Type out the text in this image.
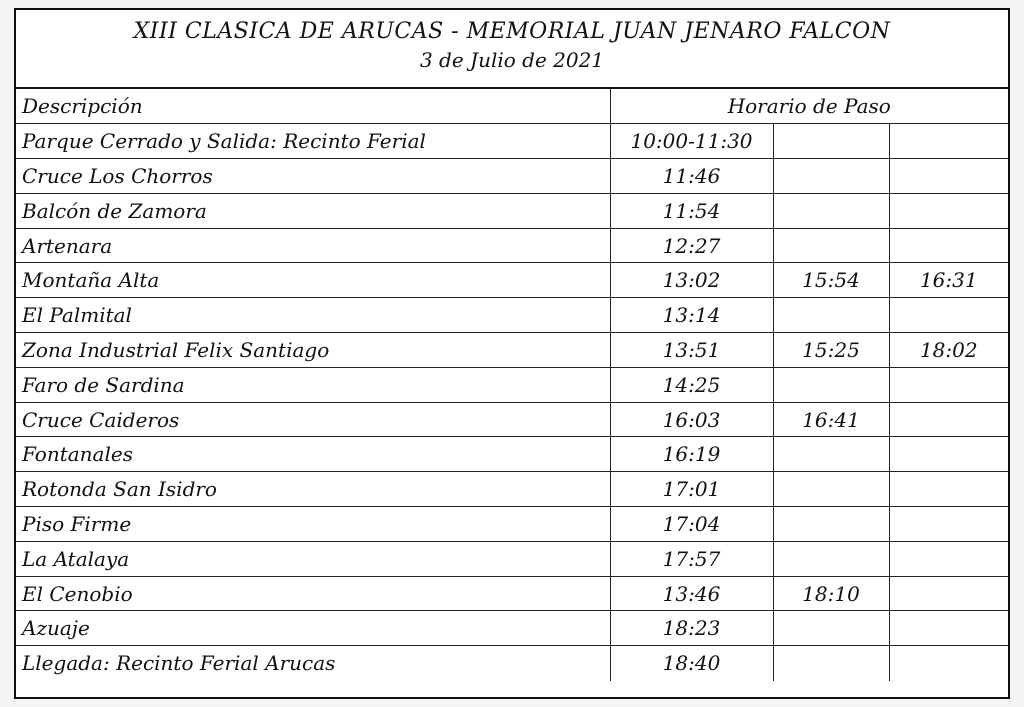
XIII CLASICA DE ARUCAS - MEMORIAL JUAN JENARO FALCON
3 de Julio de 2021
Descripción	Horario de Paso		
Parque Cerrado y Salida: Recinto Ferial	10:00-11:30		
Cruce Los Chorros	11:46		
Balcón de Zamora	11:54		
Artenara	12:27		
Montaña Alta	13:02	15:54	16:31
El Palmital	13:14		
Zona Industrial Felix Santiago	13:51	15:25	18:02
Faro de Sardina	14:25		
Cruce Caideros	16:03	16:41	
Fontanales	16:19		
Rotonda San Isidro	17:01		
Piso Firme	17:04		
La Atalaya	17:57		
El Cenobio	13:46	18:10	
Azuaje	18:23		
Llegada: Recinto Ferial Arucas	18:40		
